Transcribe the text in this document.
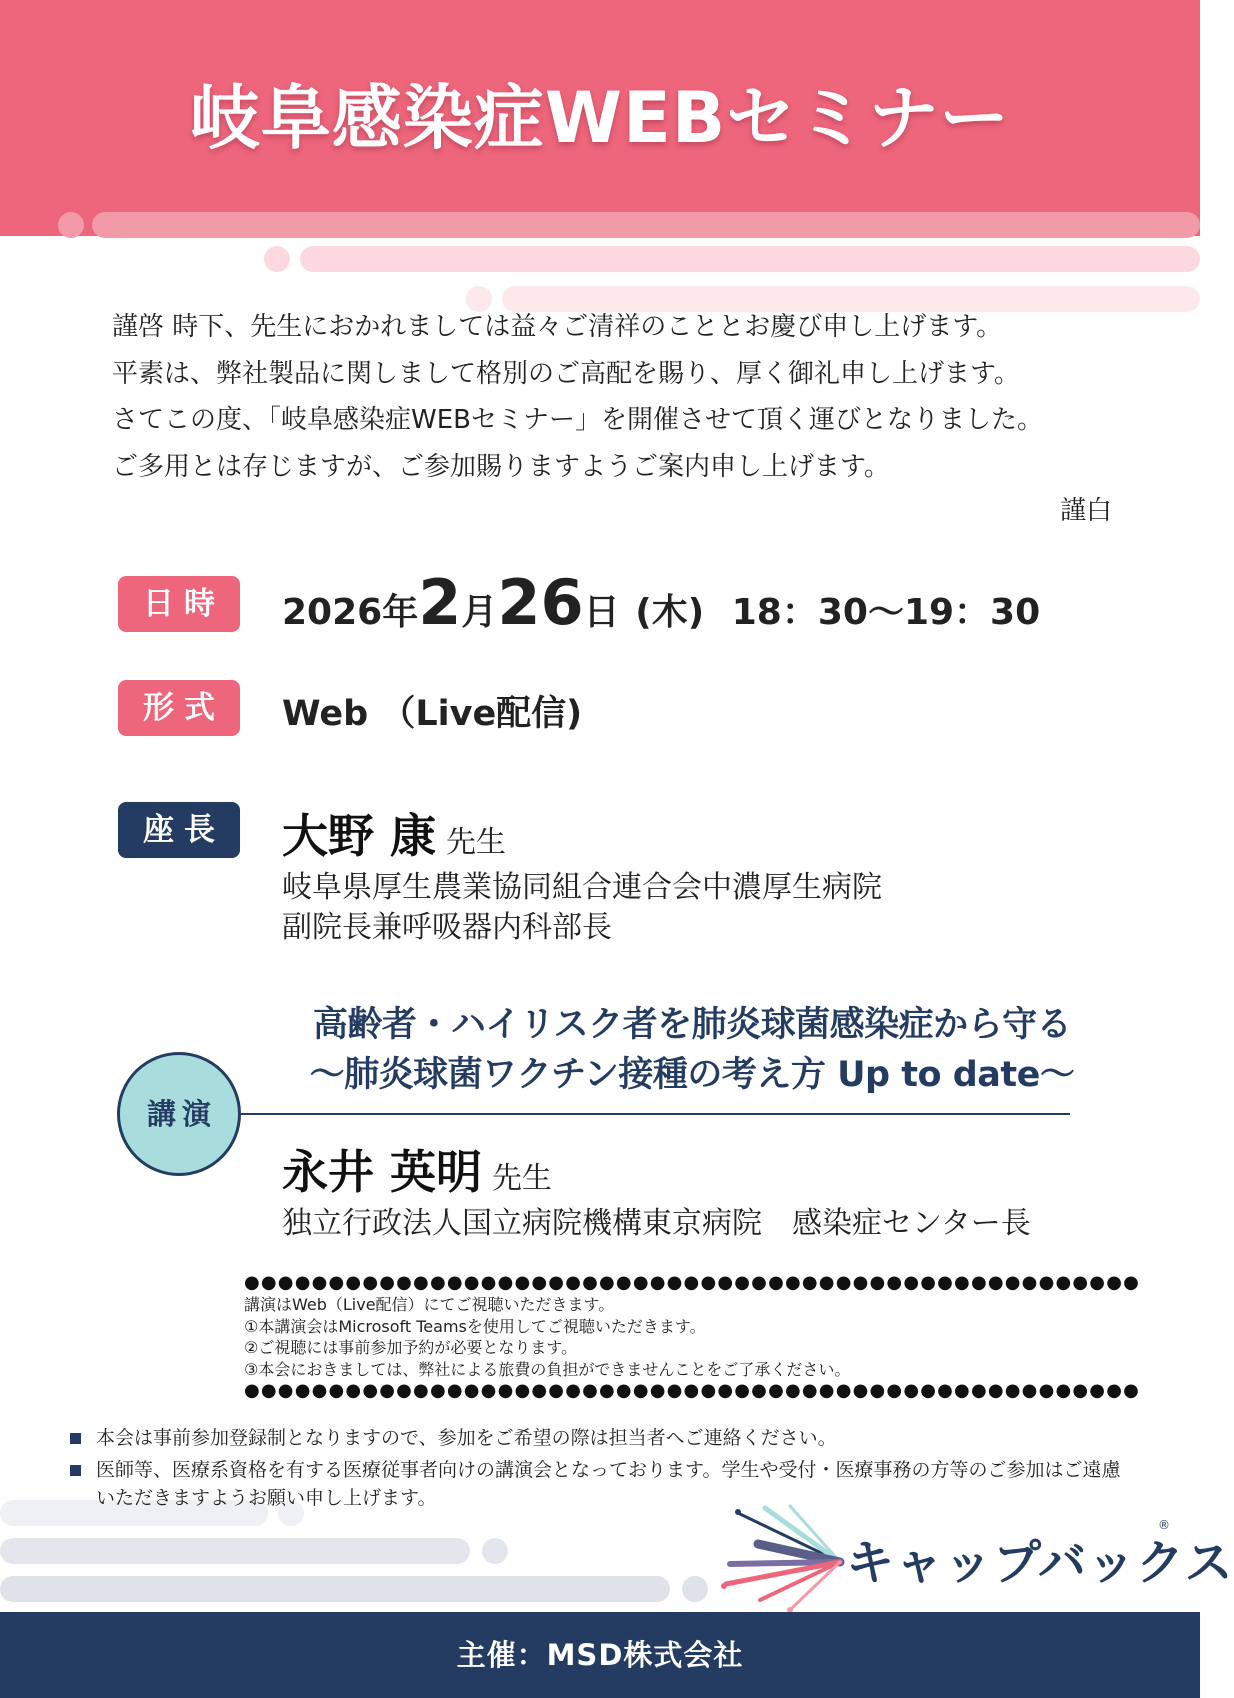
岐阜感染症WEBセミナー
謹啓 時下、先生におかれましては益々ご清祥のこととお慶び申し上げます。
平素は、弊社製品に関しまして格別のご高配を賜り、厚く御礼申し上げます。
さてこの度、「岐阜感染症WEBセミナー」を開催させて頂く運びとなりました。
ご多用とは存じますが、ご参加賜りますようご案内申し上げます。
謹白
日時	2026年2月26日 (木) 18：30～19：30
形式	Web （Live配信)
座長	大野 康 先生
岐阜県厚生農業協同組合連合会中濃厚生病院
副院長兼呼吸器内科部長
高齢者・ハイリスク者を肺炎球菌感染症から守る
～肺炎球菌ワクチン接種の考え方 Up to date～
講演
永井 英明 先生
独立行政法人国立病院機構東京病院　感染症センター長
●●●●●●●●●●●●●●●●●●●●●●●●●●●●●●●●●●●●●●●●●●●●●●●●●●●●●
講演はWeb（Live配信）にてご視聴いただきます。
①本講演会はMicrosoft Teamsを使用してご視聴いただきます。
②ご視聴には事前参加予約が必要となります。
③本会におきましては、弊社による旅費の負担ができませんことをご了承ください。
●●●●●●●●●●●●●●●●●●●●●●●●●●●●●●●●●●●●●●●●●●●●●●●●●●●●●
本会は事前参加登録制となりますので、参加をご希望の際は担当者へご連絡ください。
医師等、医療系資格を有する医療従事者向けの講演会となっております。学生や受付・医療事務の方等のご参加はご遠慮いただきますようお願い申し上げます。
キャップバックス
®
主催：MSD株式会社
